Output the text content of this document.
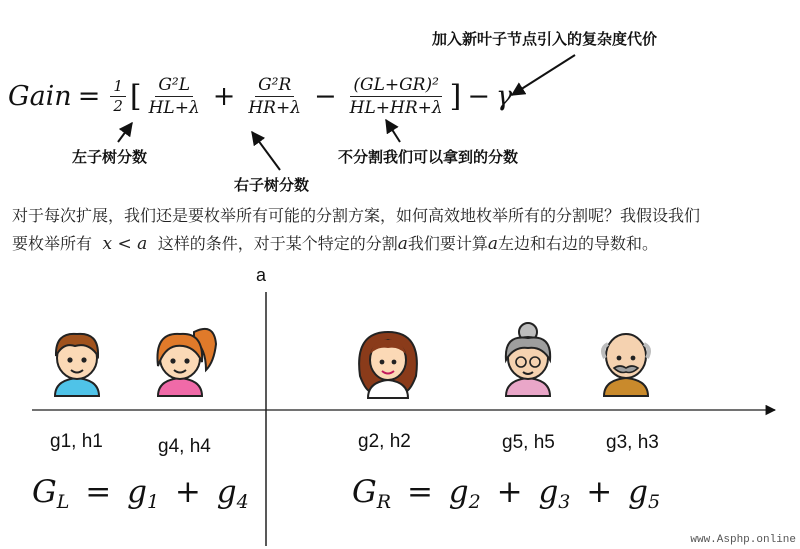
Gain = $\frac{1}{2}$ [ $\frac{\text{G²L}}{HL+\lambda} + \frac{\text{G²R}}{HR+\lambda} - \frac{\text{(GL+GR)²}}{HL+HR+\lambda}$ ] − γ
加入新叶子节点引入的复杂度代价
左子树分数
右子树分数
不分割我们可以拿到的分数
对于每次扩展，我们还是要枚举所有可能的分割方案，如何高效地枚举所有的分割呢？我假设我们
要枚举所有 x < a 这样的条件，对于某个特定的分割a我们要计算a左边和右边的导数和。
a
g1, h1	g4, h4	g2, h2	g5, h5	g3, h3
$G_L = g_1 + g_4$	$G_R = g_2 + g_3 + g_5$
www.Asphp.online
